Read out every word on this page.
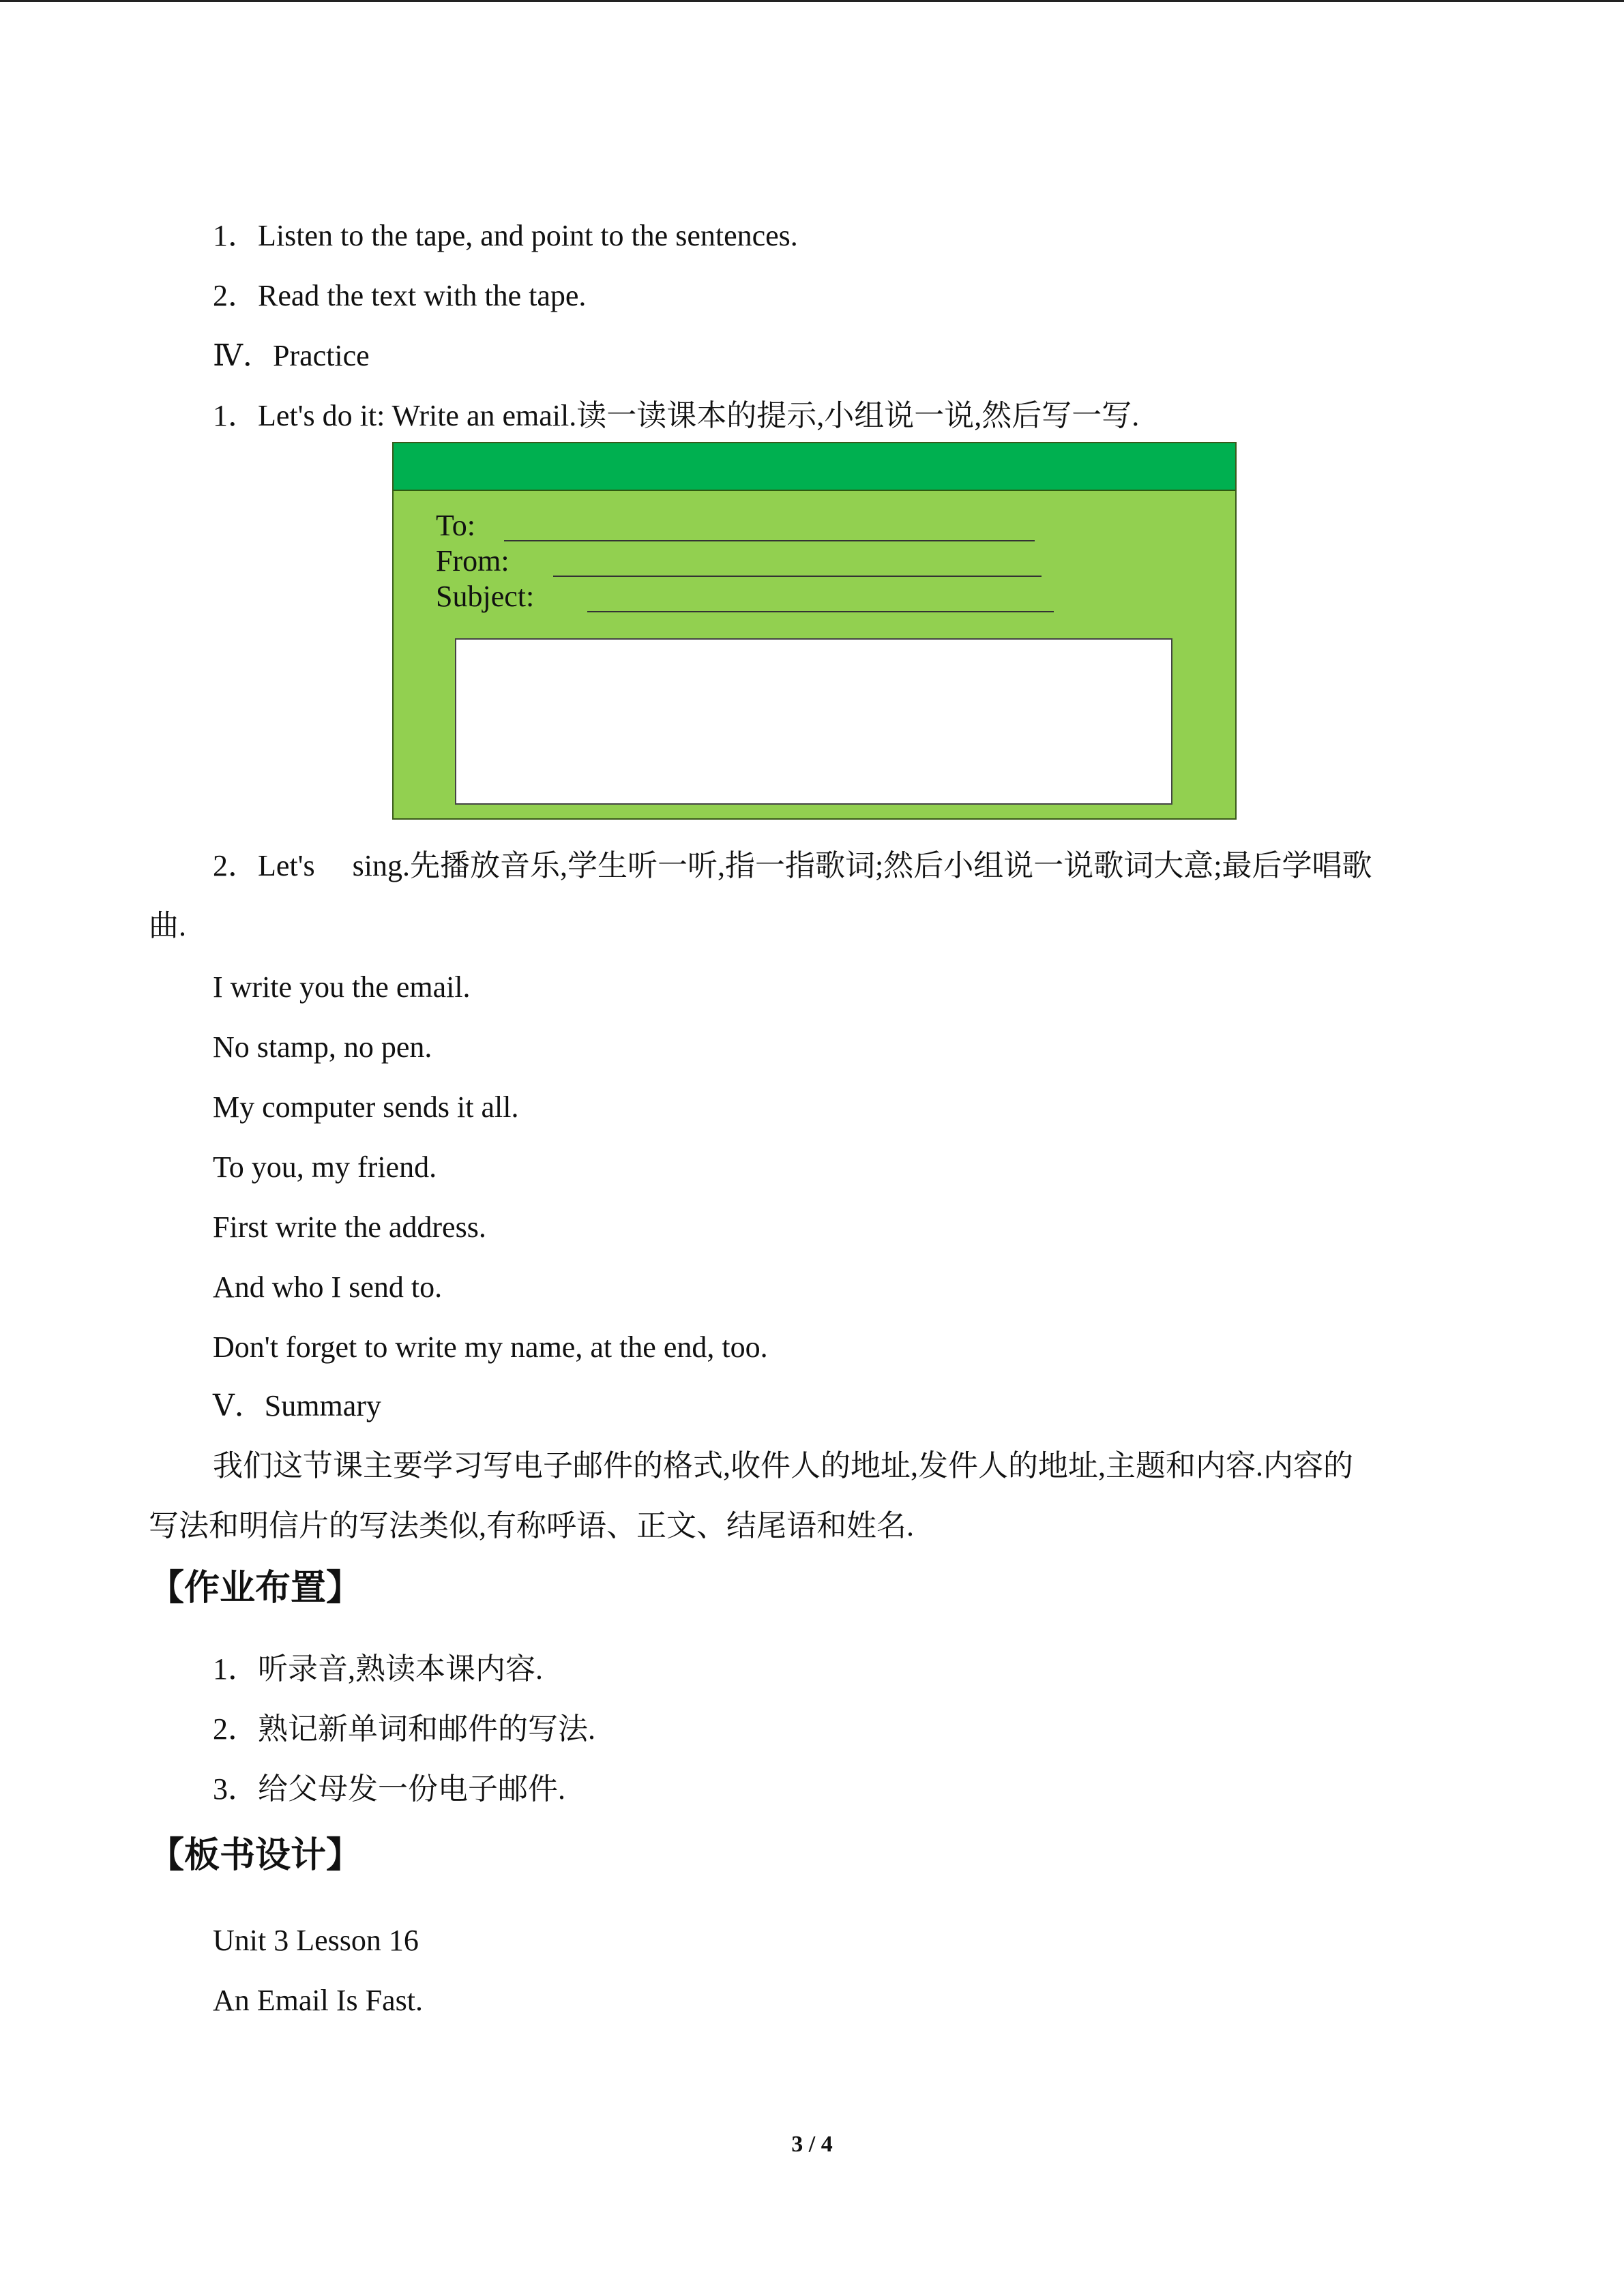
1．Listen to the tape, and point to the sentences.
2．Read the text with the tape.
Ⅳ．Practice
1．Let's do it: Write an email.读一读课本的提示,小组说一说,然后写一写.
To:
From:
Subject:
2．Let's　 sing.先播放音乐,学生听一听,指一指歌词;然后小组说一说歌词大意;最后学唱歌
曲.
I write you the email.
No stamp, no pen.
My computer sends it all.
To you, my friend.
First write the address.
And who I send to.
Don't forget to write my name, at the end, too.
Ⅴ．Summary
我们这节课主要学习写电子邮件的格式,收件人的地址,发件人的地址,主题和内容.内容的
写法和明信片的写法类似,有称呼语、正文、结尾语和姓名.
【作业布置】
1．听录音,熟读本课内容.
2．熟记新单词和邮件的写法.
3．给父母发一份电子邮件.
【板书设计】
Unit 3 Lesson 16
An Email Is Fast.
3 / 4
